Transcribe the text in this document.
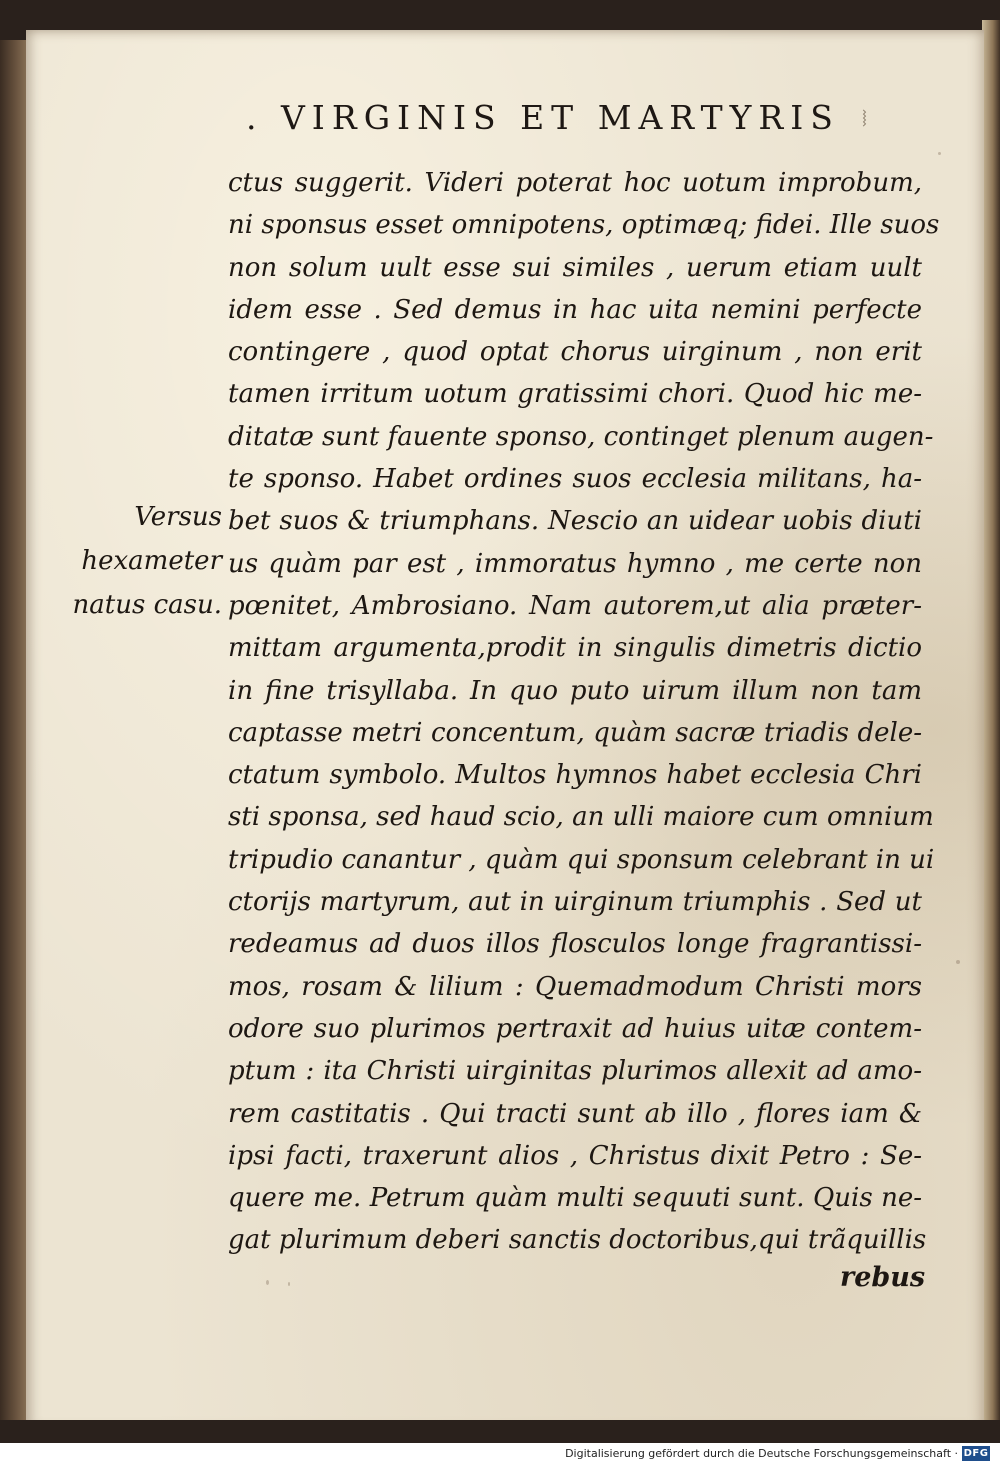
. VIRGINIS ET MARTYRIS ⧘
ctus suggerit. Videri poterat hoc uotum improbum,
ni sponsus esset omnipotens, optimæq; fidei. Ille suos
non solum uult esse sui similes , uerum etiam uult
idem esse . Sed demus in hac uita nemini perfecte
contingere , quod optat chorus uirginum , non erit
tamen irritum uotum gratissimi chori. Quod hic me-
ditatæ sunt fauente sponso, continget plenum augen-
te sponso. Habet ordines suos ecclesia militans, ha-
bet suos & triumphans. Nescio an uidear uobis diuti
us quàm par est , immoratus hymno , me certe non
pœnitet, Ambrosiano. Nam autorem,ut alia præter-
mittam argumenta,prodit in singulis dimetris dictio
in fine trisyllaba. In quo puto uirum illum non tam
captasse metri concentum, quàm sacræ triadis dele-
ctatum symbolo. Multos hymnos habet ecclesia Chri
sti sponsa, sed haud scio, an ulli maiore cum omnium
tripudio canantur , quàm qui sponsum celebrant in ui
ctorijs martyrum, aut in uirginum triumphis . Sed ut
redeamus ad duos illos flosculos longe fragrantissi-
mos, rosam & lilium : Quemadmodum Christi mors
odore suo plurimos pertraxit ad huius uitæ contem-
ptum : ita Christi uirginitas plurimos allexit ad amo-
rem castitatis . Qui tracti sunt ab illo , flores iam &
ipsi facti, traxerunt alios , Christus dixit Petro : Se-
quere me. Petrum quàm multi sequuti sunt. Quis ne-
gat plurimum deberi sanctis doctoribus,qui trãquillis
rebus
Versus
hexameter
natus casu.
Digitalisierung gefördert durch die Deutsche Forschungsgemeinschaft · DFG
